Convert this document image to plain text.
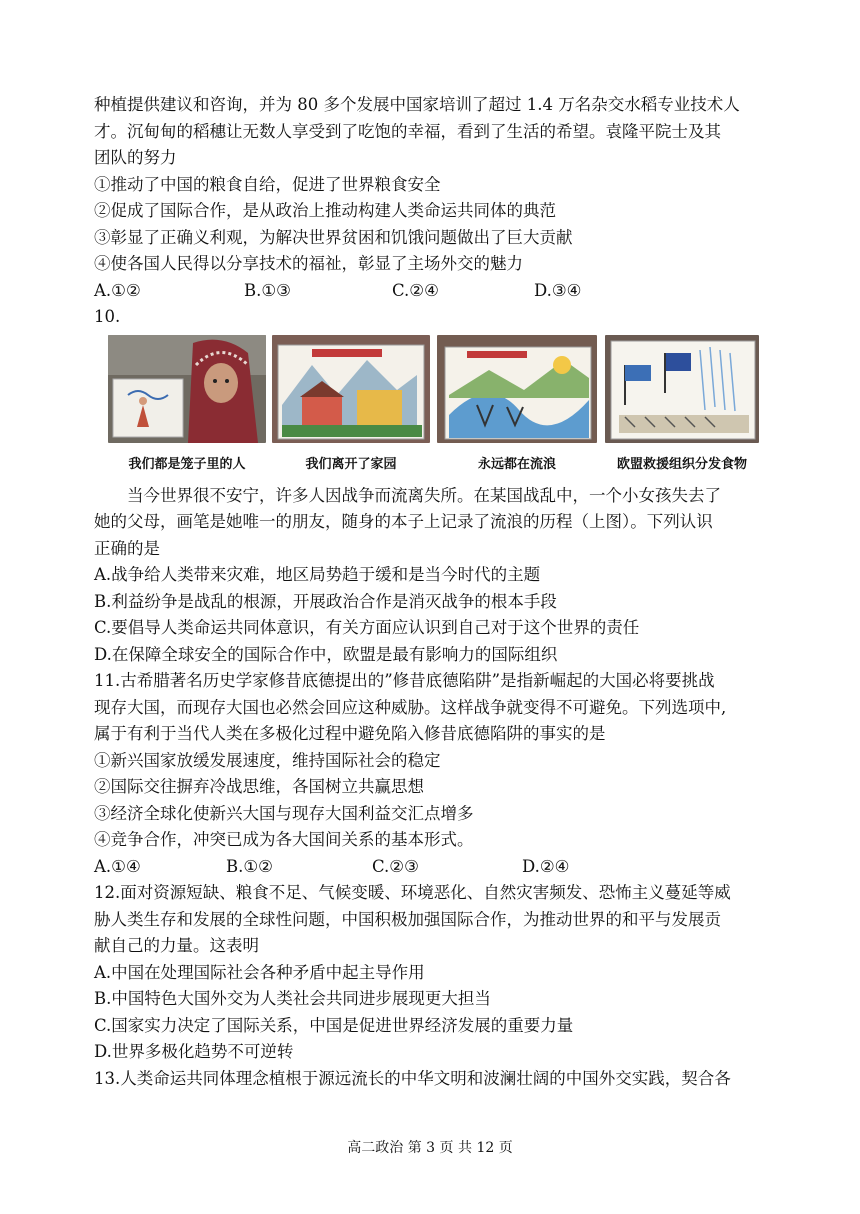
种植提供建议和咨询，并为 80 多个发展中国家培训了超过 1.4 万名杂交水稻专业技术人
才。沉甸甸的稻穗让无数人享受到了吃饱的幸福，看到了生活的希望。袁隆平院士及其
团队的努力
①推动了中国的粮食自给，促进了世界粮食安全
②促成了国际合作，是从政治上推动构建人类命运共同体的典范
③彰显了正确义利观，为解决世界贫困和饥饿问题做出了巨大贡献
④使各国人民得以分享技术的福祉，彰显了主场外交的魅力
A.①②	B.①③	C.②④	D.③④
10.
我们都是笼子里的人	我们离开了家园	永远都在流浪	欧盟救援组织分发食物
当今世界很不安宁，许多人因战争而流离失所。在某国战乱中，一个小女孩失去了
她的父母，画笔是她唯一的朋友，随身的本子上记录了流浪的历程（上图）。下列认识
正确的是
A.战争给人类带来灾难，地区局势趋于缓和是当今时代的主题
B.利益纷争是战乱的根源，开展政治合作是消灭战争的根本手段
C.要倡导人类命运共同体意识，有关方面应认识到自己对于这个世界的责任
D.在保障全球安全的国际合作中，欧盟是最有影响力的国际组织
11.古希腊著名历史学家修昔底德提出的”修昔底德陷阱”是指新崛起的大国必将要挑战
现存大国，而现存大国也必然会回应这种威胁。这样战争就变得不可避免。下列选项中,
属于有利于当代人类在多极化过程中避免陷入修昔底德陷阱的事实的是
①新兴国家放缓发展速度，维持国际社会的稳定
②国际交往摒弃冷战思维，各国树立共赢思想
③经济全球化使新兴大国与现存大国利益交汇点增多
④竞争合作，冲突已成为各大国间关系的基本形式。
A.①④	B.①②	C.②③	D.②④
12.面对资源短缺、粮食不足、气候变暖、环境恶化、自然灾害频发、恐怖主义蔓延等威
胁人类生存和发展的全球性问题，中国积极加强国际合作，为推动世界的和平与发展贡
献自己的力量。这表明
A.中国在处理国际社会各种矛盾中起主导作用
B.中国特色大国外交为人类社会共同进步展现更大担当
C.国家实力决定了国际关系，中国是促进世界经济发展的重要力量
D.世界多极化趋势不可逆转
13.人类命运共同体理念植根于源远流长的中华文明和波澜壮阔的中国外交实践，契合各
高二政治 第 3 页 共 12 页
